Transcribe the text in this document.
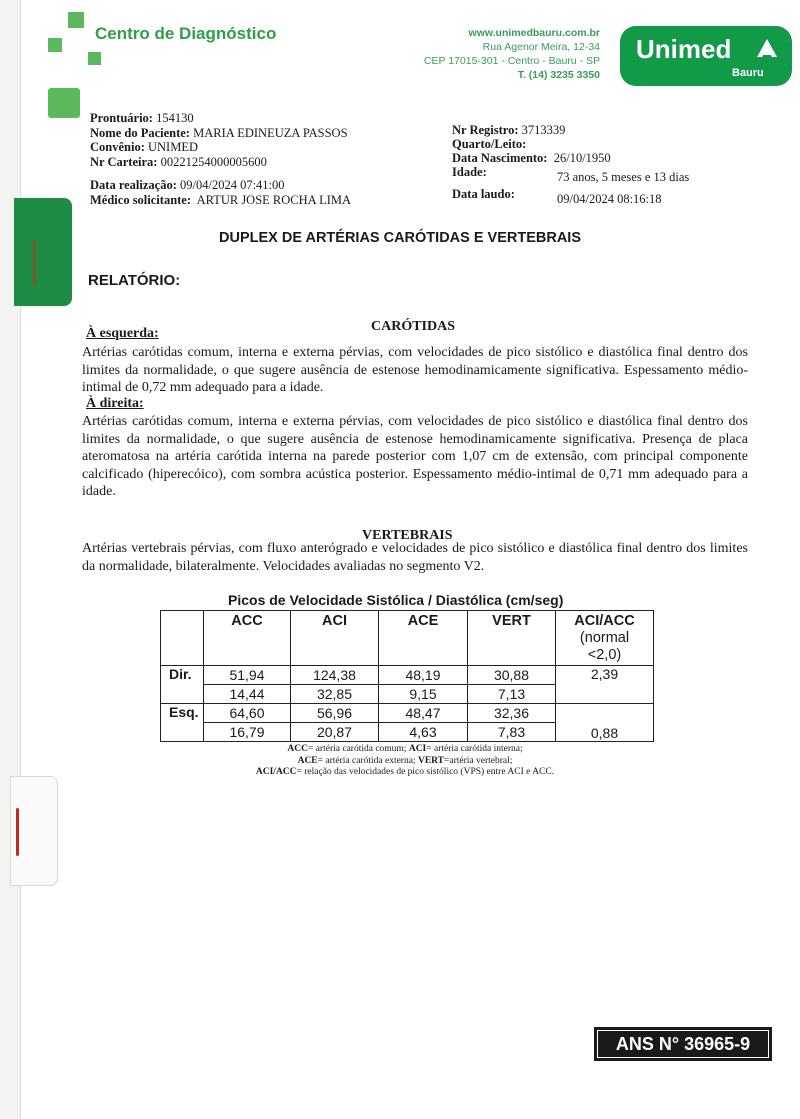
Centro de Diagnóstico	www.unimedbauru.com.br
Rua Agenor Meira, 12-34
CEP 17015-301 - Centro - Bauru - SP
T. (14) 3235 3350
Unimed
Bauru
Prontuário: 154130
Nome do Paciente: MARIA EDINEUZA PASSOS
Convênio: UNIMED
Nr Carteira: 00221254000005600
Data realização: 09/04/2024 07:41:00
Médico solicitante: ARTUR JOSE ROCHA LIMA
Nr Registro: 3713339
Quarto/Leito:
Data Nascimento: 26/10/1950
Idade:	73 anos, 5 meses e 13 dias
Data laudo:	09/04/2024 08:16:18
DUPLEX DE ARTÉRIAS CARÓTIDAS E VERTEBRAIS
RELATÓRIO:
CARÓTIDAS
À esquerda:
Artérias carótidas comum, interna e externa pérvias, com velocidades de pico sistólico e diastólica final dentro dos limites da normalidade, o que sugere ausência de estenose hemodinamicamente significativa. Espessamento médio-intimal de 0,72 mm adequado para a idade.
À direita:
Artérias carótidas comum, interna e externa pérvias, com velocidades de pico sistólico e diastólica final dentro dos limites da normalidade, o que sugere ausência de estenose hemodinamicamente significativa. Presença de placa ateromatosa na artéria carótida interna na parede posterior com 1,07 cm de extensão, com principal componente calcificado (hiperecóico), com sombra acústica posterior. Espessamento médio-intimal de 0,71 mm adequado para a idade.
VERTEBRAIS
Artérias vertebrais pérvias, com fluxo anterógrado e velocidades de pico sistólico e diastólica final dentro dos limites da normalidade, bilateralmente. Velocidades avaliadas no segmento V2.
Picos de Velocidade Sistólica / Diastólica (cm/seg)
	ACC	ACI	ACE	VERT	ACI/ACC
(normal
<2,0)
Dir.	51,94	124,38	48,19	30,88	2,39
	14,44	32,85	9,15	7,13	
Esq.	64,60	56,96	48,47	32,36	0,88
	16,79	20,87	4,63	7,83	
ACC= artéria carótida comum; ACI= artéria carótida interna;
ACE= artéria carótida externa; VERT=artéria vertebral;
ACI/ACC= relação das velocidades de pico sistólico (VPS) entre ACI e ACC.
ANS N° 36965-9
